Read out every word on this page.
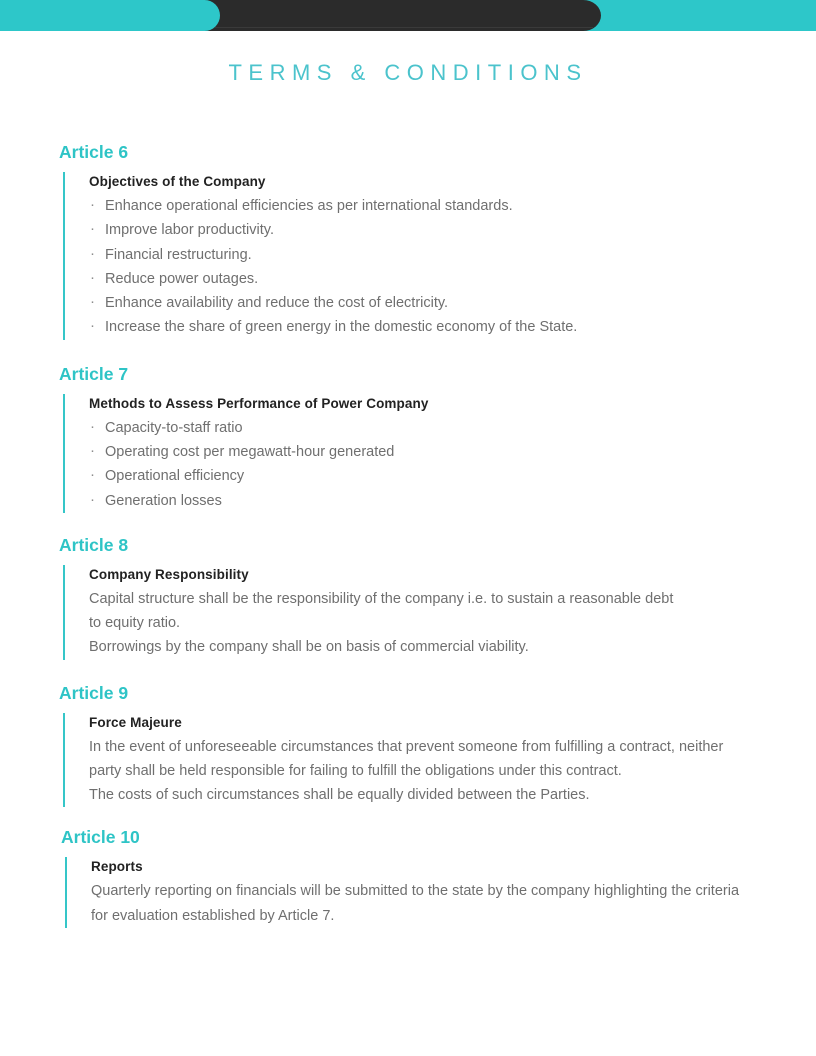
TERMS & CONDITIONS
Article 6
Objectives of the Company
· Enhance operational efficiencies as per international standards.
· Improve labor productivity.
· Financial restructuring.
· Reduce power outages.
· Enhance availability and reduce the cost of electricity.
· Increase the share of green energy in the domestic economy of the State.
Article 7
Methods to Assess Performance of Power Company
· Capacity-to-staff ratio
· Operating cost per megawatt-hour generated
· Operational efficiency
· Generation losses
Article 8
Company Responsibility

Capital structure shall be the responsibility of the company i.e. to sustain a reasonable debt to equity ratio.

Borrowings by the company shall be on basis of commercial viability.

Article 9
Force Majeure

In the event of unforeseeable circumstances that prevent someone from fulfilling a contract, neither party shall be held responsible for failing to fulfill the obligations under this contract.

The costs of such circumstances shall be equally divided between the Parties.

Article 10
Reports

Quarterly reporting on financials will be submitted to the state by the company highlighting the criteria for evaluation established by Article 7.
